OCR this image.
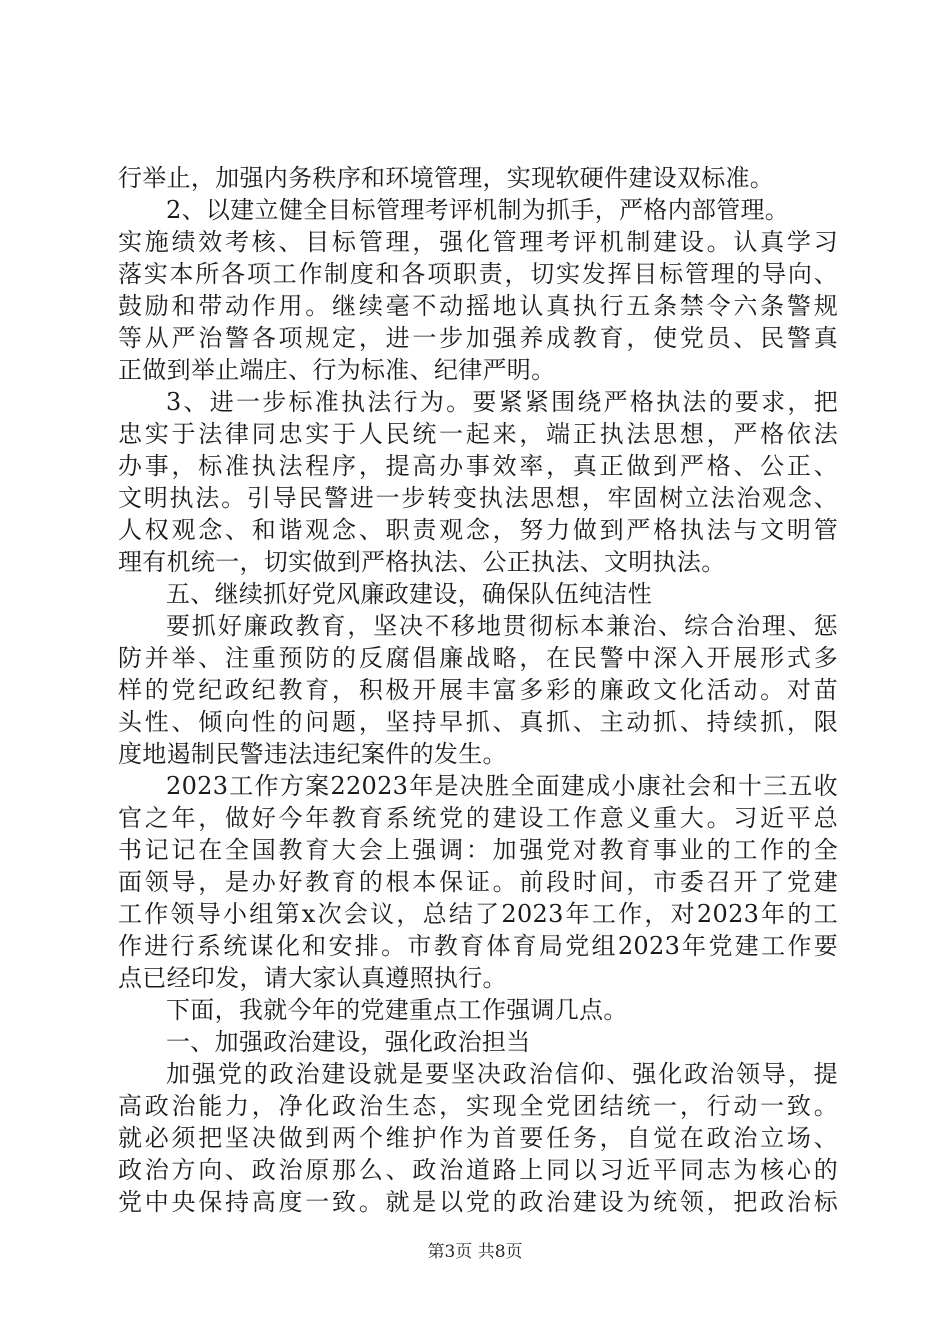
行举止，加强内务秩序和环境管理，实现软硬件建设双标准。
2、以建立健全目标管理考评机制为抓手，严格内部管理。
实施绩效考核、目标管理，强化管理考评机制建设。认真学习
落实本所各项工作制度和各项职责，切实发挥目标管理的导向、
鼓励和带动作用。继续毫不动摇地认真执行五条禁令六条警规
等从严治警各项规定，进一步加强养成教育，使党员、民警真
正做到举止端庄、行为标准、纪律严明。
3、进一步标准执法行为。要紧紧围绕严格执法的要求，把
忠实于法律同忠实于人民统一起来，端正执法思想，严格依法
办事，标准执法程序，提高办事效率，真正做到严格、公正、
文明执法。引导民警进一步转变执法思想，牢固树立法治观念、
人权观念、和谐观念、职责观念，努力做到严格执法与文明管
理有机统一，切实做到严格执法、公正执法、文明执法。
五、继续抓好党风廉政建设，确保队伍纯洁性
要抓好廉政教育，坚决不移地贯彻标本兼治、综合治理、惩
防并举、注重预防的反腐倡廉战略，在民警中深入开展形式多
样的党纪政纪教育，积极开展丰富多彩的廉政文化活动。对苗
头性、倾向性的问题，坚持早抓、真抓、主动抓、持续抓，限
度地遏制民警违法违纪案件的发生。
2023工作方案22023年是决胜全面建成小康社会和十三五收
官之年，做好今年教育系统党的建设工作意义重大。习近平总
书记记在全国教育大会上强调：加强党对教育事业的工作的全
面领导，是办好教育的根本保证。前段时间，市委召开了党建
工作领导小组第x次会议，总结了2023年工作，对2023年的工
作进行系统谋化和安排。市教育体育局党组2023年党建工作要
点已经印发，请大家认真遵照执行。
下面，我就今年的党建重点工作强调几点。
一、加强政治建设，强化政治担当
加强党的政治建设就是要坚决政治信仰、强化政治领导，提
高政治能力，净化政治生态，实现全党团结统一，行动一致。
就必须把坚决做到两个维护作为首要任务，自觉在政治立场、
政治方向、政治原那么、政治道路上同以习近平同志为核心的
党中央保持高度一致。就是以党的政治建设为统领，把政治标
第3页 共8页
